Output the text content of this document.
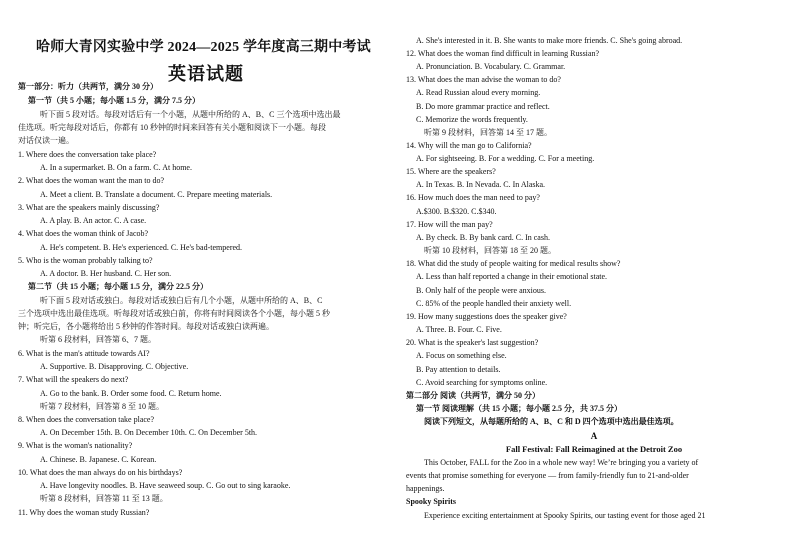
哈师大青冈实验中学 2024—2025 学年度高三期中考试
英语试题
第一部分：听力（共两节，满分 30 分）
第一节（共 5 小题；每小题 1.5 分，满分 7.5 分）
听下面 5 段对话。每段对话后有一个小题，从题中所给的 A、B、C 三个选项中选出最
佳选项。听完每段对话后，你都有 10 秒钟的时间来回答有关小题和阅读下一小题。每段
对话仅读一遍。
1. Where does the conversation take place?
A. In a supermarket. B. On a farm. C. At home.
2. What does the woman want the man to do?
A. Meet a client. B. Translate a document. C. Prepare meeting materials.
3. What are the speakers mainly discussing?
A. A play. B. An actor. C. A case.
4. What does the woman think of Jacob?
A. He's competent. B. He's experienced. C. He's bad-tempered.
5. Who is the woman probably talking to?
A. A doctor. B. Her husband. C. Her son.
第二节（共 15 小题；每小题 1.5 分，满分 22.5 分）
听下面 5 段对话或独白。每段对话或独白后有几个小题，从题中所给的 A、B、C
三个选项中选出最佳选项。听每段对话或独白前，你将有时间阅读各个小题，每小题 5 秒
钟；听完后，各小题将给出 5 秒钟的作答时间。每段对话或独白读两遍。
听第 6 段材料，回答第 6、7 题。
6. What is the man's attitude towards AI?
A. Supportive. B. Disapproving. C. Objective.
7. What will the speakers do next?
A. Go to the bank. B. Order some food. C. Return home.
听第 7 段材料，回答第 8 至 10 题。
8. When does the conversation take place?
A. On December 15th. B. On December 10th. C. On December 5th.
9. What is the woman's nationality?
A. Chinese. B. Japanese. C. Korean.
10. What does the man always do on his birthdays?
A. Have longevity noodles. B. Have seaweed soup. C. Go out to sing karaoke.
听第 8 段材料，回答第 11 至 13 题。
11. Why does the woman study Russian?
A
Fall Festival: Fall Reimagined at the Detroit Zoo
This October, FALL for the Zoo in a whole new way! We’re bringing you a variety of
events that promise something for everyone — from family-friendly fun to 21-and-older
happenings.
Spooky Spirits
Experience exciting entertainment at Spooky Spirits, our tasting event for those aged 21
A. She's interested in it. B. She wants to make more friends. C. She's going abroad.
12. What does the woman find difficult in learning Russian?
A. Pronunciation. B. Vocabulary. C. Grammar.
13. What does the man advise the woman to do?
A. Read Russian aloud every morning.
B. Do more grammar practice and reflect.
C. Memorize the words frequently.
听第 9 段材料，回答第 14 至 17 题。
14. Why will the man go to California?
A. For sightseeing. B. For a wedding. C. For a meeting.
15. Where are the speakers?
A. In Texas. B. In Nevada. C. In Alaska.
16. How much does the man need to pay?
A.$300. B.$320. C.$340.
17. How will the man pay?
A. By check. B. By bank card. C. In cash.
听第 10 段材料，回答第 18 至 20 题。
18. What did the study of people waiting for medical results show?
A. Less than half reported a change in their emotional state.
B. Only half of the people were anxious.
C. 85% of the people handled their anxiety well.
19. How many suggestions does the speaker give?
A. Three. B. Four. C. Five.
20. What is the speaker's last suggestion?
A. Focus on something else.
B. Pay attention to details.
C. Avoid searching for symptoms online.
第二部分 阅读（共两节，满分 50 分）
第一节 阅读理解（共 15 小题；每小题 2.5 分，共 37.5 分）
阅读下列短文，从每题所给的 A、B、C 和 D 四个选项中选出最佳选项。
